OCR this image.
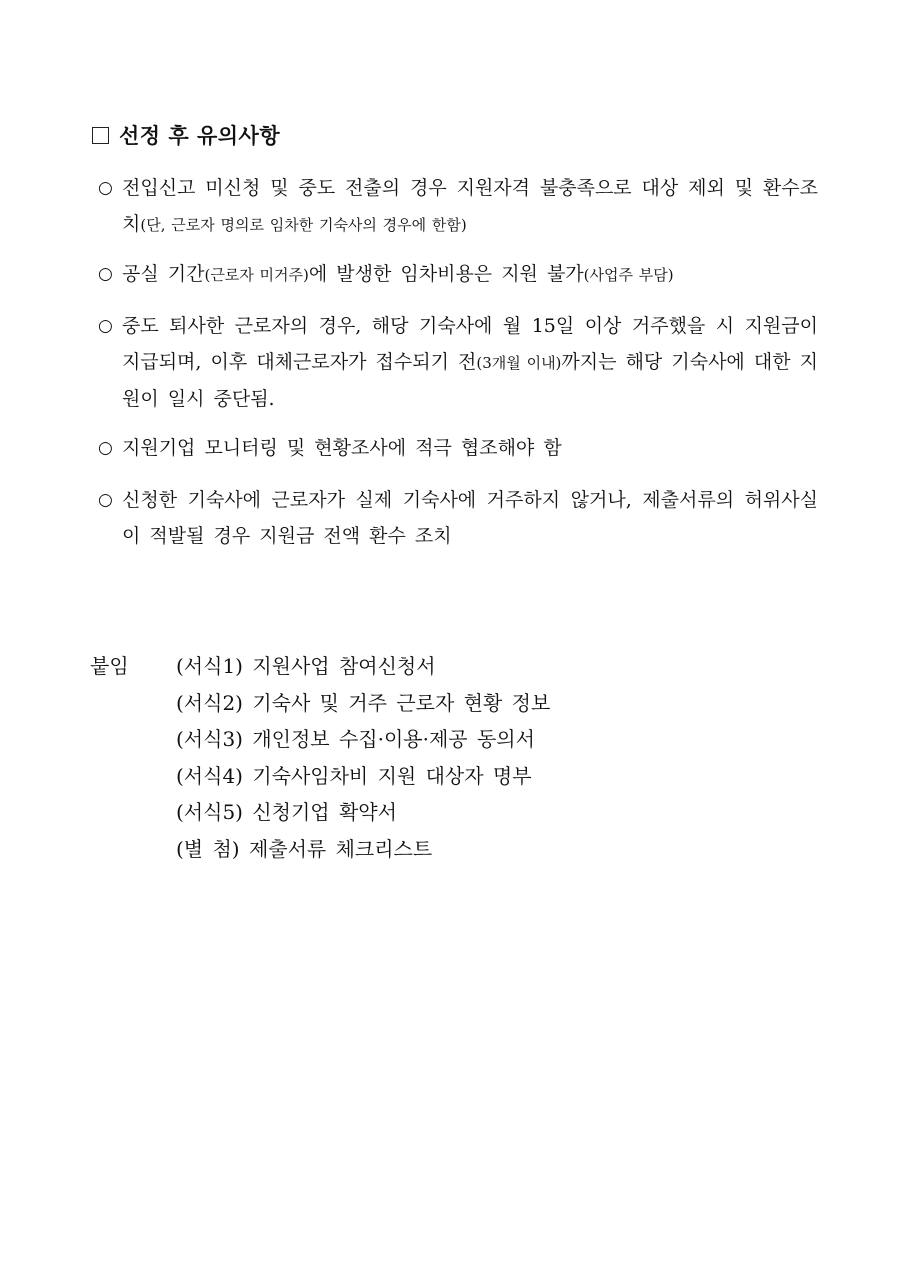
선정 후 유의사항
○ 전입신고 미신청 및 중도 전출의 경우 지원자격 불충족으로 대상 제외 및 환수조치(단, 근로자 명의로 임차한 기숙사의 경우에 한함)
○ 공실 기간(근로자 미거주)에 발생한 임차비용은 지원 불가(사업주 부담)
○ 중도 퇴사한 근로자의 경우, 해당 기숙사에 월 15일 이상 거주했을 시 지원금이 지급되며, 이후 대체근로자가 접수되기 전(3개월 이내)까지는 해당 기숙사에 대한 지원이 일시 중단됨.
○ 지원기업 모니터링 및 현황조사에 적극 협조해야 함
○ 신청한 기숙사에 근로자가 실제 기숙사에 거주하지 않거나, 제출서류의 허위사실이 적발될 경우 지원금 전액 환수 조치
붙임 (서식1) 지원사업 참여신청서
(서식2) 기숙사 및 거주 근로자 현황 정보
(서식3) 개인정보 수집·이용·제공 동의서
(서식4) 기숙사임차비 지원 대상자 명부
(서식5) 신청기업 확약서
(별 첨) 제출서류 체크리스트
